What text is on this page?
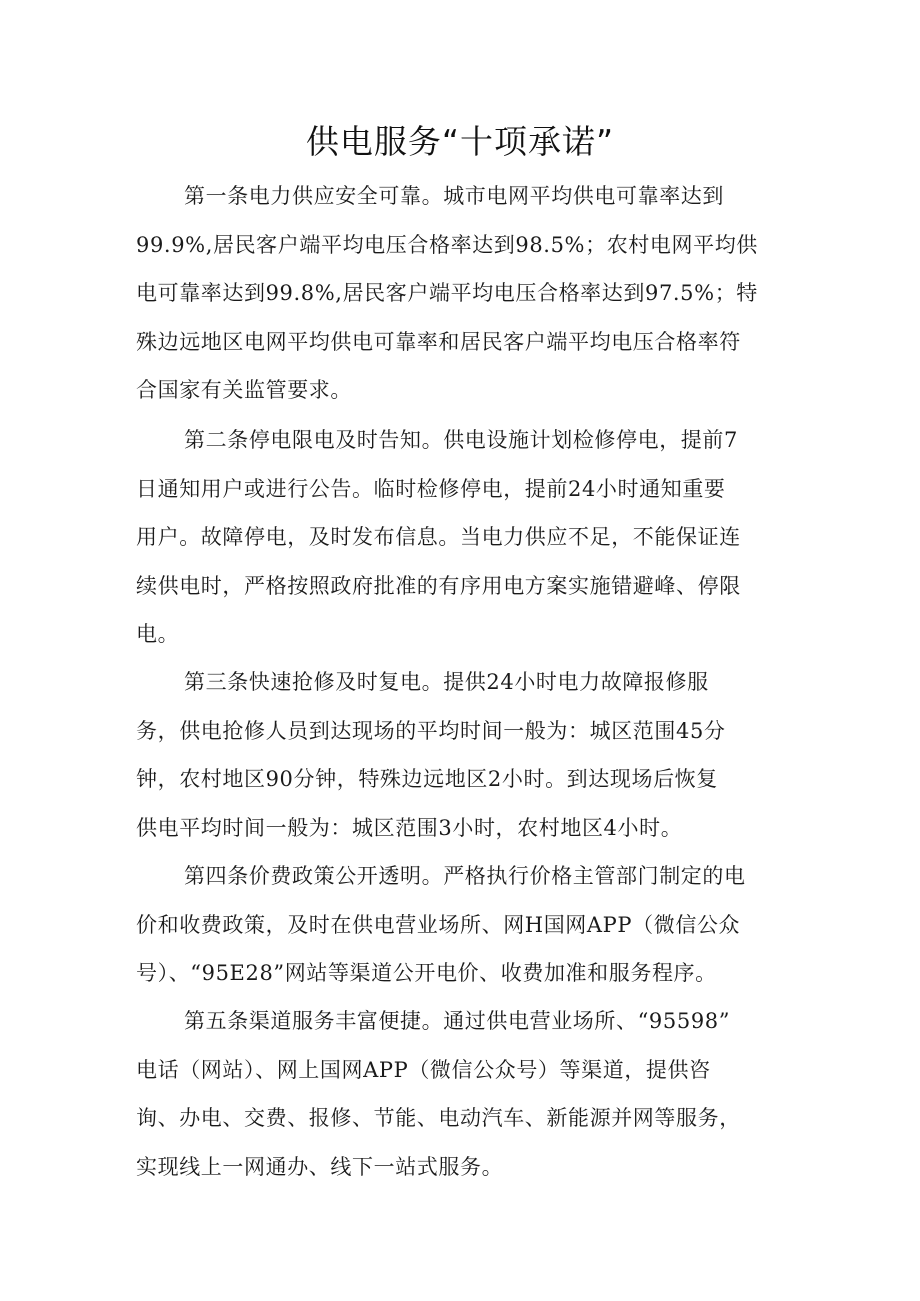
供电服务“十项承诺”
第一条电力供应安全可靠。城市电网平均供电可靠率达到
99.9%,居民客户端平均电压合格率达到98.5%；农村电网平均供
电可靠率达到99.8%,居民客户端平均电压合格率达到97.5%；特
殊边远地区电网平均供电可靠率和居民客户端平均电压合格率符
合国家有关监管要求。
第二条停电限电及时告知。供电设施计划检修停电，提前7
日通知用户或进行公告。临时检修停电，提前24小时通知重要
用户。故障停电，及时发布信息。当电力供应不足，不能保证连
续供电时，严格按照政府批准的有序用电方案实施错避峰、停限
电。
第三条快速抢修及时复电。提供24小时电力故障报修服
务，供电抢修人员到达现场的平均时间一般为：城区范围45分
钟，农村地区90分钟，特殊边远地区2小时。到达现场后恢复
供电平均时间一般为：城区范围3小时，农村地区4小时。
第四条价费政策公开透明。严格执行价格主管部门制定的电
价和收费政策，及时在供电营业场所、网H国网APP（微信公众
号）、“95E28”网站等渠道公开电价、收费加准和服务程序。
第五条渠道服务丰富便捷。通过供电营业场所、“95598”
电话（网站）、网上国网APP（微信公众号）等渠道，提供咨
询、办电、交费、报修、节能、电动汽车、新能源并网等服务，
实现线上一网通办、线下一站式服务。
